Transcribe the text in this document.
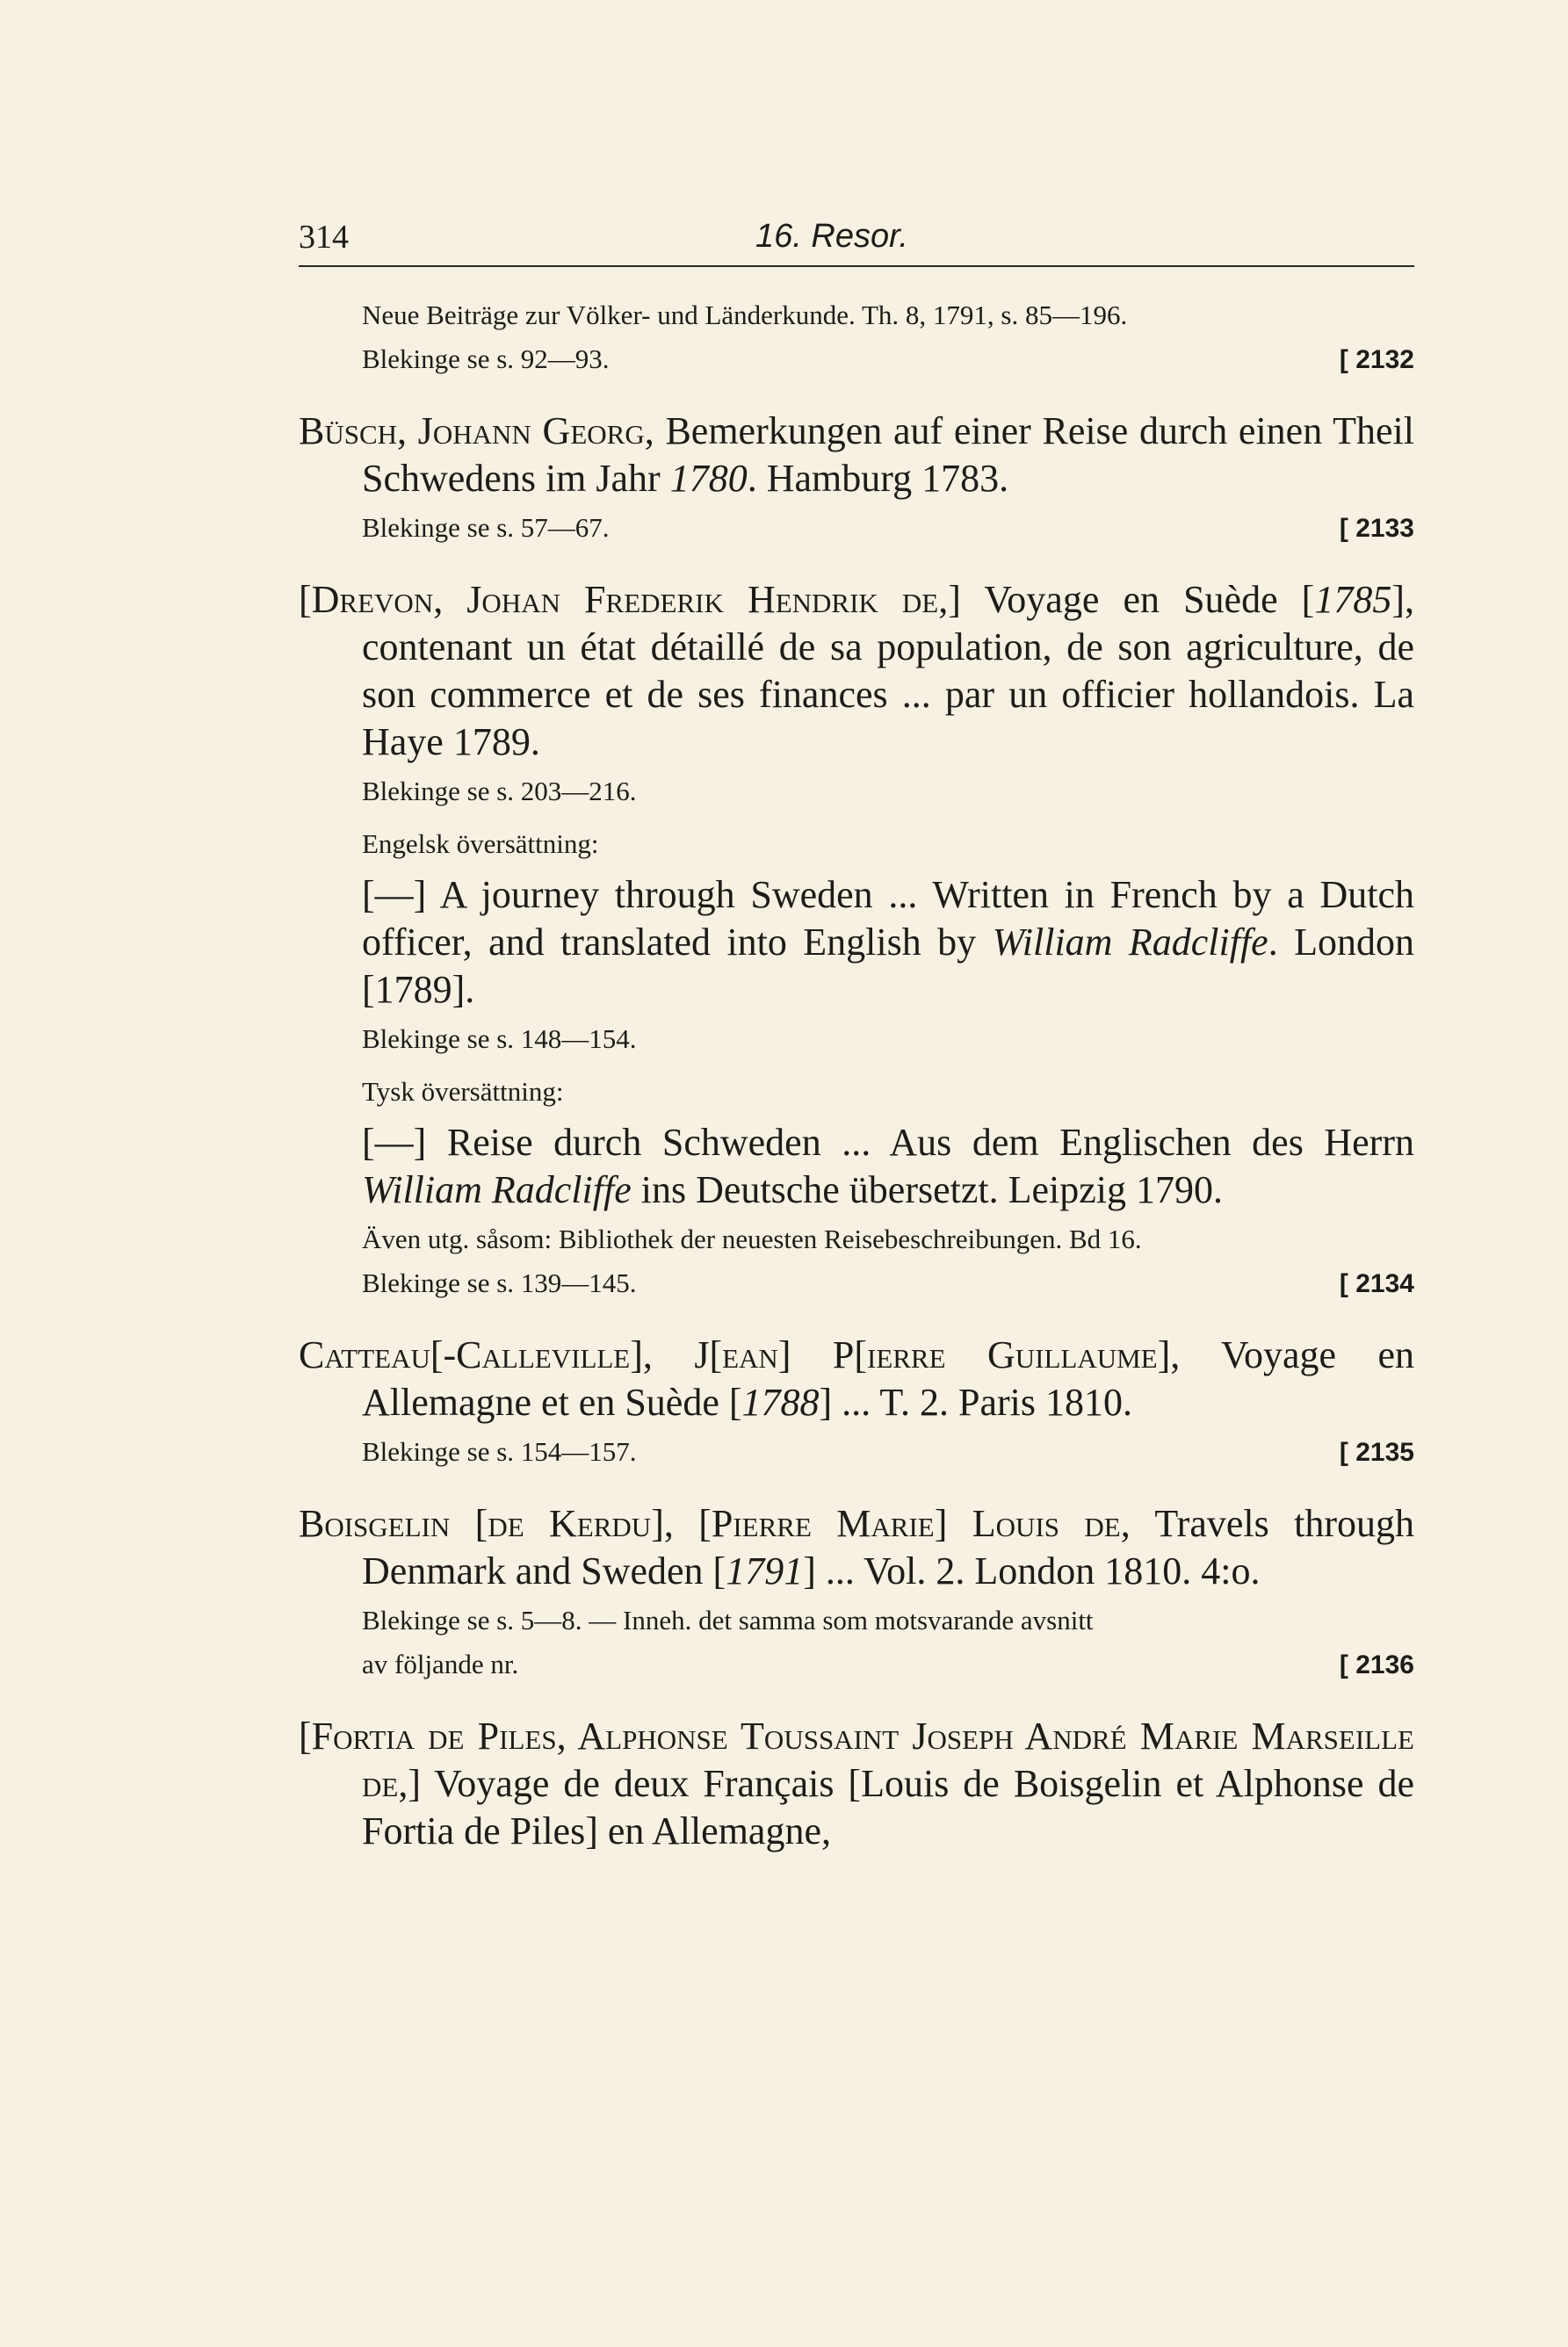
314	16. Resor.
Neue Beiträge zur Völker- und Länderkunde. Th. 8, 1791, s. 85—196.
Blekinge se s. 92—93.	[ 2132
Büsch, Johann Georg, Bemerkungen auf einer Reise durch einen Theil Schwedens im Jahr 1780. Hamburg 1783.
Blekinge se s. 57—67.	[ 2133
[Drevon, Johan Frederik Hendrik de,] Voyage en Suède [1785], contenant un état détaillé de sa population, de son agriculture, de son commerce et de ses finances ... par un officier hollandois. La Haye 1789.
Blekinge se s. 203—216.
Engelsk översättning:
[—] A journey through Sweden ... Written in French by a Dutch officer, and translated into English by William Radcliffe. London [1789].
Blekinge se s. 148—154.
Tysk översättning:
[—] Reise durch Schweden ... Aus dem Englischen des Herrn William Radcliffe ins Deutsche übersetzt. Leipzig 1790.
Även utg. såsom: Bibliothek der neuesten Reisebeschreibungen. Bd 16.
Blekinge se s. 139—145.	[ 2134
Catteau[-Calleville], J[ean] P[ierre Guillaume], Voyage en Allemagne et en Suède [1788] ... T. 2. Paris 1810.
Blekinge se s. 154—157.	[ 2135
Boisgelin [de Kerdu], [Pierre Marie] Louis de, Travels through Denmark and Sweden [1791] ... Vol. 2. London 1810. 4:o.
Blekinge se s. 5—8. — Inneh. det samma som motsvarande avsnitt
av följande nr.	[ 2136
[Fortia de Piles, Alphonse Toussaint Joseph André Marie Marseille de,] Voyage de deux Français [Louis de Boisgelin et Alphonse de Fortia de Piles] en Allemagne,
